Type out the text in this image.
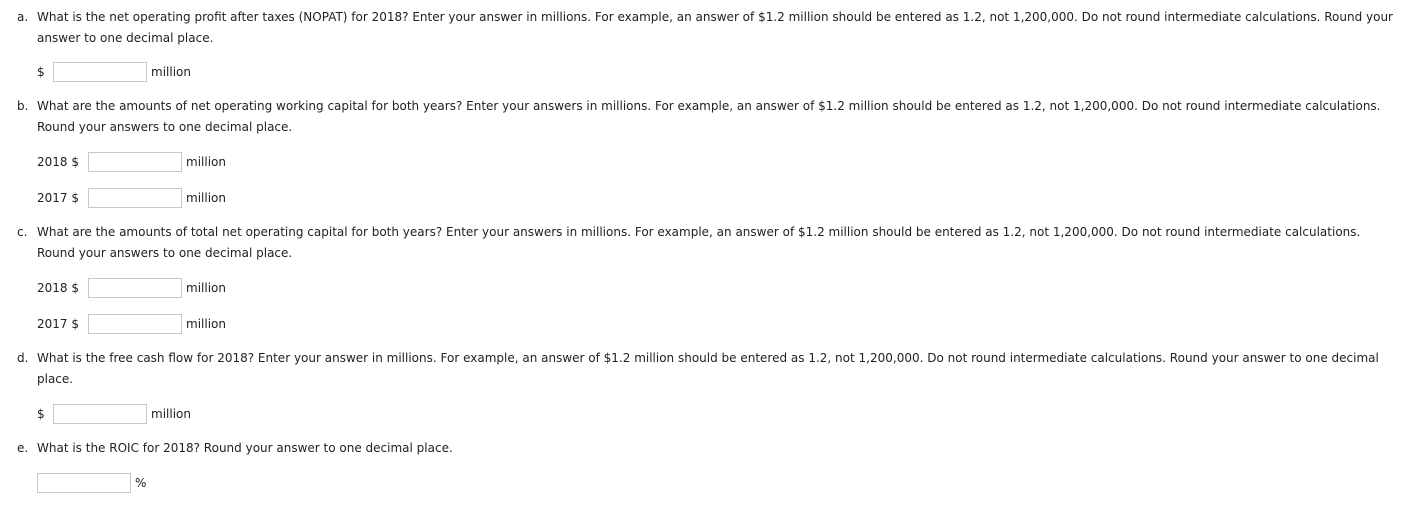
a. What is the net operating profit after taxes (NOPAT) for 2018? Enter your answer in millions. For example, an answer of $1.2 million should be entered as 1.2, not 1,200,000. Do not round intermediate calculations. Round your answer to one decimal place.
$	million
b. What are the amounts of net operating working capital for both years? Enter your answers in millions. For example, an answer of $1.2 million should be entered as 1.2, not 1,200,000. Do not round intermediate calculations. Round your answers to one decimal place.
2018 $	million
2017 $	million
c. What are the amounts of total net operating capital for both years? Enter your answers in millions. For example, an answer of $1.2 million should be entered as 1.2, not 1,200,000. Do not round intermediate calculations. Round your answers to one decimal place.
2018 $	million
2017 $	million
d. What is the free cash flow for 2018? Enter your answer in millions. For example, an answer of $1.2 million should be entered as 1.2, not 1,200,000. Do not round intermediate calculations. Round your answer to one decimal place.
$	million
e. What is the ROIC for 2018? Round your answer to one decimal place.
%
